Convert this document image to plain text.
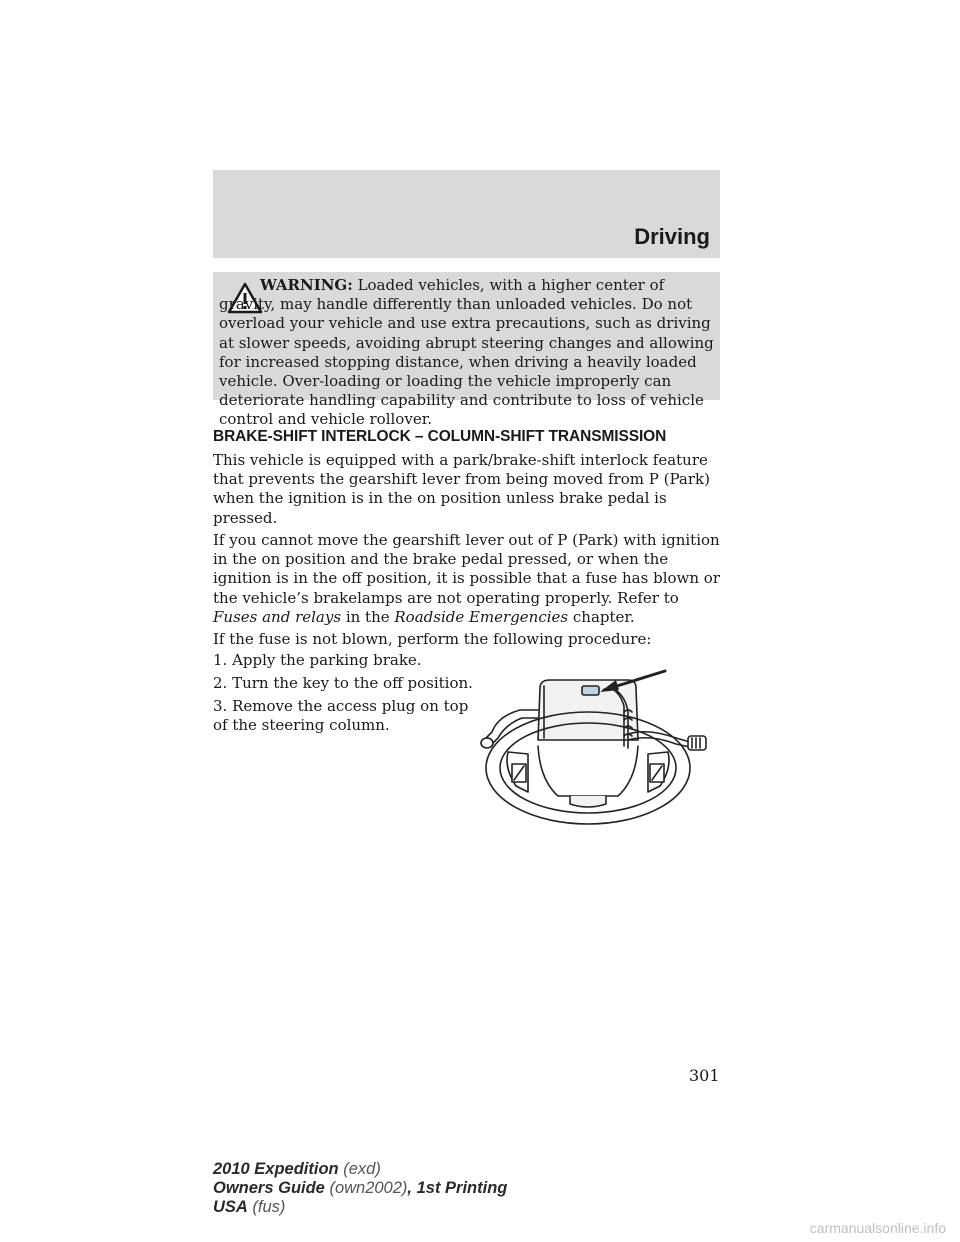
Driving
WARNING: Loaded vehicles, with a higher center of gravity, may handle differently than unloaded vehicles. Do not overload your vehicle and use extra precautions, such as driving at slower speeds, avoiding abrupt steering changes and allowing for increased stopping distance, when driving a heavily loaded vehicle. Over-loading or loading the vehicle improperly can deteriorate handling capability and contribute to loss of vehicle control and vehicle rollover.
BRAKE-SHIFT INTERLOCK – COLUMN-SHIFT TRANSMISSION

This vehicle is equipped with a park/brake-shift interlock feature that prevents the gearshift lever from being moved from P (Park) when the ignition is in the on position unless brake pedal is pressed.

If you cannot move the gearshift lever out of P (Park) with ignition in the on position and the brake pedal pressed, or when the ignition is in the off position, it is possible that a fuse has blown or the vehicle’s brakelamps are not operating properly. Refer to Fuses and relays in the Roadside Emergencies chapter.

If the fuse is not blown, perform the following procedure:

1. Apply the parking brake.

2. Turn the key to the off position.

3. Remove the access plug on top of the steering column.

301
2010 Expedition (exd)
Owners Guide (own2002), 1st Printing
USA (fus)
carmanualsonline.info
